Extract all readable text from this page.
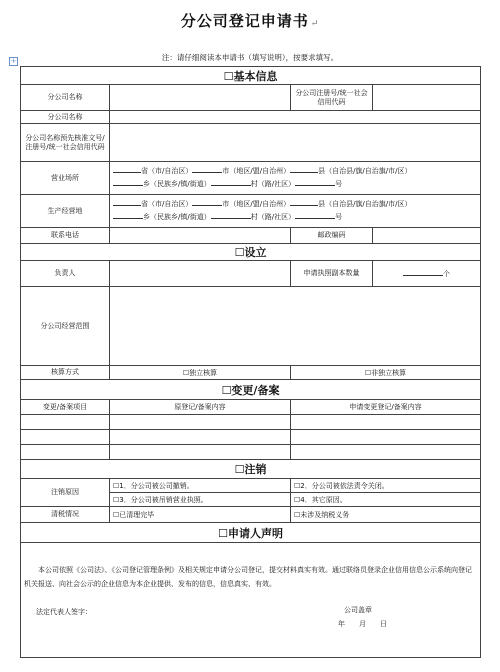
分公司登记申请书 ↵
注：请仔细阅读本申请书（填写说明），按要求填写。
+
☐基本信息			
分公司名称		分公司注册号/统一社会信用代码	
分公司名称			
分公司名称预先核准文号/注册号/统一社会信用代码			
营业场所	省（市/自治区） 市（地区/盟/自治州） 县（自治县/旗/自治旗/市/区）
乡（民族乡/镇/街道） 村（路/社区） 号		
生产经营地	省（市/自治区） 市（地区/盟/自治州） 县（自治县/旗/自治旗/市/区）
乡（民族乡/镇/街道） 村（路/社区） 号		
联系电话		邮政编码	
☐设立			
负责人		申请执照副本数量	个
分公司经营范围			
核算方式	☐独立核算	☐非独立核算	
☐变更/备案			
变更/备案项目	原登记/备案内容	申请变更登记/备案内容	

☐注销			
注销原因	☐1．分公司被公司撤销。	☐2．分公司被依法责令关闭。	
	☐3．分公司被吊销营业执照。	☐4．其它原因。	
清税情况	☐已清理完毕	☐未涉及纳税义务	
☐申请人声明			

本公司依照《公司法》、《公司登记管理条例》及相关规定申请分公司登记，提交材料真实有效。通过联络员登录企业信用信息公示系统向登记机关报送、向社会公示的企业信息为本企业提供、发布的信息，信息真实、有效。
法定代表人签字： 公司盖章
年　　月　　日			
